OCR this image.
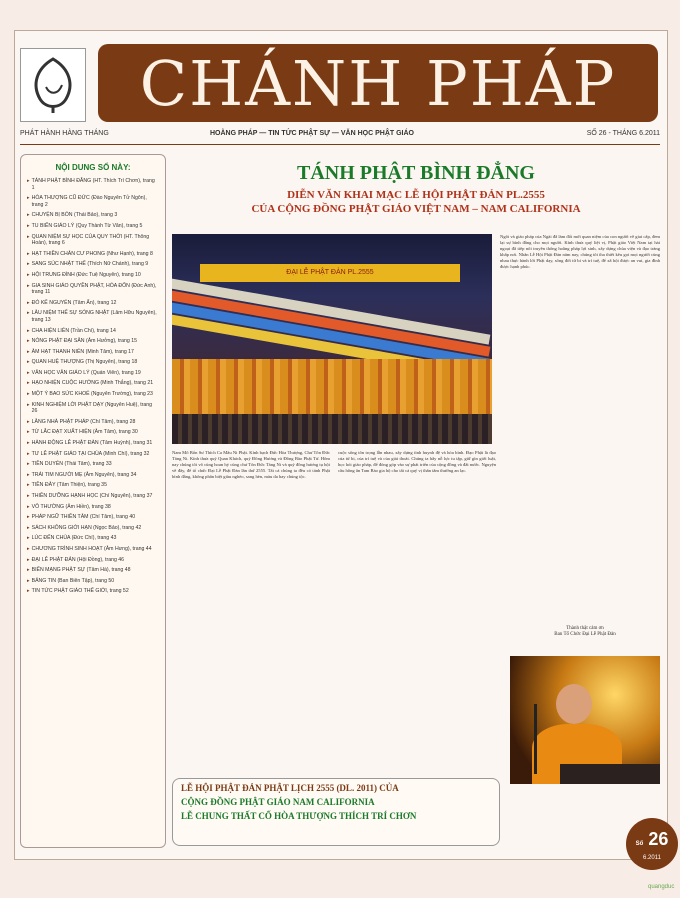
CHÁNH PHÁP
PHÁT HÀNH HÀNG THÁNG	HOẰNG PHÁP — TIN TỨC PHẬT SỰ — VĂN HỌC PHẬT GIÁO	SỐ 26 - THÁNG 6.2011
NỘI DUNG SỐ NÀY:
▸ TÁNH PHẬT BÌNH ĐẲNG (HT. Thích Trí Chơn), trang 1
▸ HÒA THƯỢNG CŨ ĐỨC (Đào Nguyên Tử Ngôn), trang 2
▸ CHUYỆN BỊ BỎN (Thái Bảo), trang 3
▸ TU BIẾN GIÁO LÝ (Quy Thành Từ Văn), trang 5
▸ QUAN NIỆM SỰ HỌC CỦA QUY THỜI (HT. Thông Hoàn), trang 6
▸ HẠT THIỀN CHÂN CƯ PHONG (Như Hạnh), trang 8
▸ SANG SÚC NHẬT THẾ (Thích Nữ Chánh), trang 9
▸ HỘI TRUNG ĐÌNH (Đức Tuệ Nguyên), trang 10
▸ GIA SINH GIÁO QUYỀN PHẬT, HÓA ĐỐN (Đức Anh), trang 11
▸ ĐÓ KẾ NGUYÊN (Tâm Ấn), trang 12
▸ LÂU NIỆM THẾ SỰ SÓNG NHẬT (Lâm Hữu Nguyên), trang 13
▸ CHA HIỆN LIÊN (Trần Chí), trang 14
▸ NÓNG PHẬT ĐẠI SĂN (Âm Hưởng), trang 15
▸ ÂM HẠT THANH NIÊN (Minh Tâm), trang 17
▸ QUAN HUỆ THƯỢNG (Thị Nguyên), trang 18
▸ VĂN HỌC VĂN GIÁO LÝ (Quán Viên), trang 19
▸ HẠO NHIỆN CUỘC HƯỚNG (Minh Thắng), trang 21
▸ MỘT Ý BAO SỨC KHOẺ (Nguyên Trường), trang 23
▸ KINH NGHIỆM LỜI PHẬT DẠY (Nguyên Huệ), trang 26
▸ LĂNG NHÀ PHẬT PHÁP (Chí Tâm), trang 28
▸ TỪ LẮC ĐẠT XUẤT HIỆN (Âm Tâm), trang 30
▸ HÀNH ĐỘNG LỄ PHẬT ĐÀN (Tâm Huỳnh), trang 31
▸ TƯ LỄ PHẬT GIÁO TẠI CHÙA (Minh Chí), trang 32
▸ TIỀN DUYÊN (Thái Tâm), trang 33
▸ TRÁI TIM NGƯỜI MẸ (Âm Nguyên), trang 34
▸ TIỀN ĐÂY (Tâm Thiện), trang 35
▸ THIỀN DƯỠNG HẠNH HỌC (Chí Nguyên), trang 37
▸ VÔ THƯỜNG (Âm Hiền), trang 38
▸ PHÁP NGỮ THIỀN TÂM (Chí Tâm), trang 40
▸ SÁCH KHÔNG GIỚI HẠN (Ngọc Bảo), trang 42
▸ LÚC ĐẾN CHÙA (Đức Chí), trang 43
▸ CHƯƠNG TRÌNH SINH HOẠT (Âm Hưng), trang 44
▸ ĐẠI LỄ PHẬT ĐẢN (Hội Đồng), trang 46
▸ BIẾN MẠNG PHẬT SỰ (Tâm Hà), trang 48
▸ BẢNG TIN (Ban Biên Tập), trang 50
▸ TIN TỨC PHẬT GIÁO THẾ GIỚI, trang 52
TÁNH PHẬT BÌNH ĐẲNG
DIỄN VĂN KHAI MẠC LỄ HỘI PHẬT ĐẢN PL.2555
CỦA CỘNG ĐỒNG PHẬT GIÁO VIỆT NAM – NAM CALIFORNIA
ĐẠI LỄ PHẬT ĐẢN PL.2555

Ngôi và giáo pháp của Ngài đã làm đổi mới quan niệm của con người về giai cấp, đem lại sự bình đẳng cho mọi người. Kính thưa quý liệt vị, Phật giáo Việt Nam tại hải ngoại đã tiếp nối truyền thống hoằng pháp lợi sinh, xây dựng chùa viện và đạo tràng khắp nơi. Nhân Lễ Hội Phật Đản năm nay, chúng tôi tha thiết kêu gọi mọi người cùng nhau thực hành lời Phật dạy, sống đời từ bi và trí tuệ, để xã hội được an vui, gia đình được hạnh phúc.

Nam Mô Bổn Sư Thích Ca Mâu Ni Phật. Kính bạch Đức Hòa Thượng, Chư Tôn Đức Tăng Ni. Kính thưa quý Quan Khách, quý Đồng Hương và Đồng Bào Phật Tử. Hôm nay chúng tôi vô cùng hoan hỷ cùng chư Tôn Đức Tăng Ni và quý đồng hương tụ hội về đây, để tổ chức Đại Lễ Phật Đản lần thứ 2555. Tất cả chúng ta đều có tánh Phật bình đẳng, không phân biệt giàu nghèo, sang hèn, màu da hay chủng tộc.

cuộc sống tôn trọng lẫn nhau, xây dựng tình huynh đệ và hòa bình. Đạo Phật là đạo của từ bi, của trí tuệ và của giải thoát. Chúng ta hãy nỗ lực tu tập, giữ gìn giới luật, học hỏi giáo pháp, để đóng góp vào sự phát triển của cộng đồng và đất nước. Nguyện cầu hồng ân Tam Bảo gia hộ cho tất cả quý vị thân tâm thường an lạc.

Thành thật cảm ơn
Ban Tổ Chức Đại Lễ Phật Đản
LỄ HỘI PHẬT ĐẢN PHẬT LỊCH 2555 (DL. 2011) CỦA
CỘNG ĐỒNG PHẬT GIÁO NAM CALIFORNIA
LỄ CHUNG THẤT CỐ HÒA THƯỢNG THÍCH TRÍ CHƠN
Số 26
6.2011
quangduc
